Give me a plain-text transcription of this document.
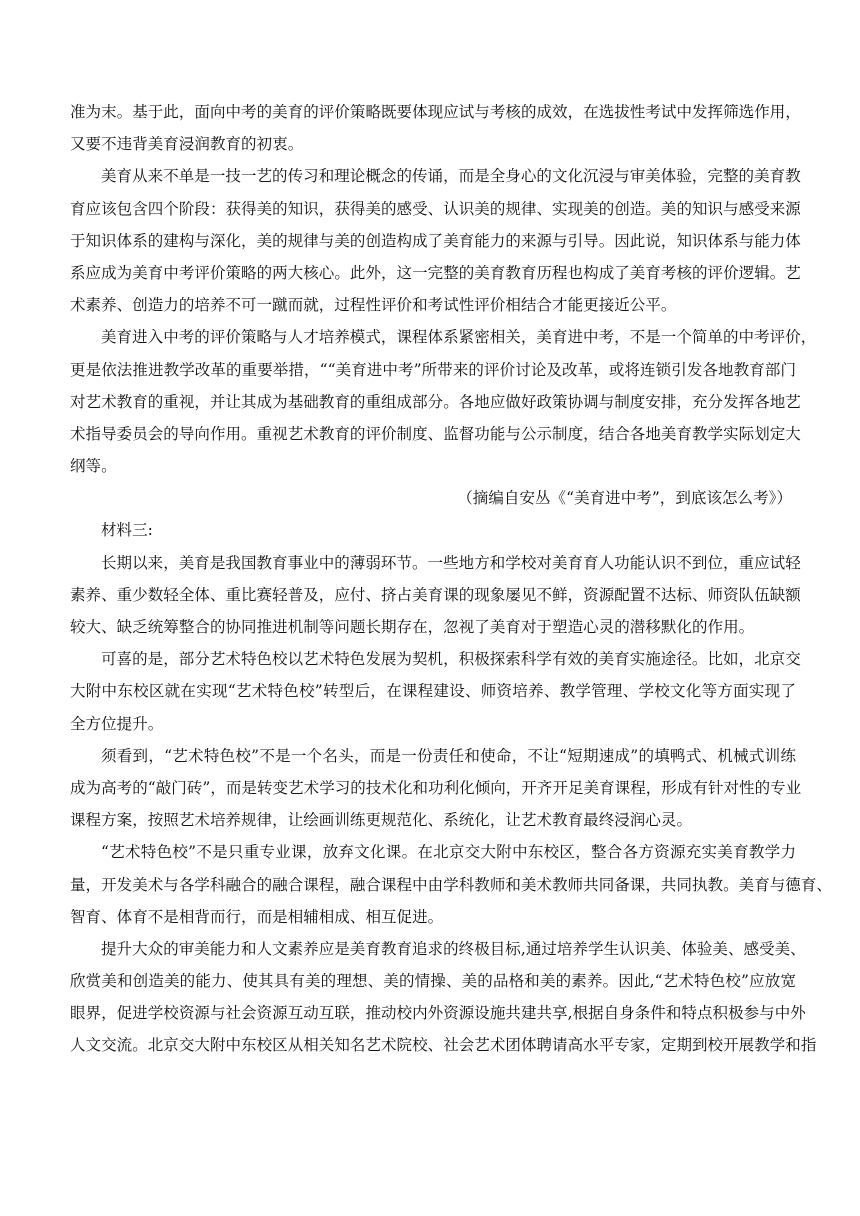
准为末。基于此，面向中考的美育的评价策略既要体现应试与考核的成效，在选拔性考试中发挥筛选作用，
又要不违背美育浸润教育的初衷。
美育从来不单是一技一艺的传习和理论概念的传诵，而是全身心的文化沉浸与审美体验，完整的美育教
育应该包含四个阶段：获得美的知识，获得美的感受、认识美的规律、实现美的创造。美的知识与感受来源
于知识体系的建构与深化，美的规律与美的创造构成了美育能力的来源与引导。因此说，知识体系与能力体
系应成为美育中考评价策略的两大核心。此外，这一完整的美育教育历程也构成了美育考核的评价逻辑。艺
术素养、创造力的培养不可一蹴而就，过程性评价和考试性评价相结合才能更接近公平。
美育进入中考的评价策略与人才培养模式，课程体系紧密相关，美育进中考，不是一个简单的中考评价，
更是依法推进教学改革的重要举措，““美育进中考”所带来的评价讨论及改革，或将连锁引发各地教育部门
对艺术教育的重视，并让其成为基础教育的重组成部分。各地应做好政策协调与制度安排，充分发挥各地艺
术指导委员会的导向作用。重视艺术教育的评价制度、监督功能与公示制度，结合各地美育教学实际划定大
纲等。
（摘编自安丛《“美育进中考”，到底该怎么考》）
材料三:
长期以来，美育是我国教育事业中的薄弱环节。一些地方和学校对美育育人功能认识不到位，重应试轻
素养、重少数轻全体、重比赛轻普及，应付、挤占美育课的现象屡见不鲜，资源配置不达标、师资队伍缺额
较大、缺乏统筹整合的协同推进机制等问题长期存在，忽视了美育对于塑造心灵的潜移默化的作用。
可喜的是，部分艺术特色校以艺术特色发展为契机，积极探索科学有效的美育实施途径。比如，北京交
大附中东校区就在实现“艺术特色校”转型后，在课程建设、师资培养、教学管理、学校文化等方面实现了
全方位提升。
须看到，“艺术特色校”不是一个名头，而是一份责任和使命，不让“短期速成”的填鸭式、机械式训练
成为高考的“敲门砖”，而是转变艺术学习的技术化和功利化倾向，开齐开足美育课程，形成有针对性的专业
课程方案，按照艺术培养规律，让绘画训练更规范化、系统化，让艺术教育最终浸润心灵。
“艺术特色校”不是只重专业课，放弃文化课。在北京交大附中东校区，整合各方资源充实美育教学力
量，开发美术与各学科融合的融合课程，融合课程中由学科教师和美术教师共同备课，共同执教。美育与德育、
智育、体育不是相背而行，而是相辅相成、相互促进。
提升大众的审美能力和人文素养应是美育教育追求的终极目标,通过培养学生认识美、体验美、感受美、
欣赏美和创造美的能力、使其具有美的理想、美的情操、美的品格和美的素养。因此,“艺术特色校”应放宽
眼界，促进学校资源与社会资源互动互联，推动校内外资源设施共建共享,根据自身条件和特点积极参与中外
人文交流。北京交大附中东校区从相关知名艺术院校、社会艺术团体聘请高水平专家，定期到校开展教学和指
